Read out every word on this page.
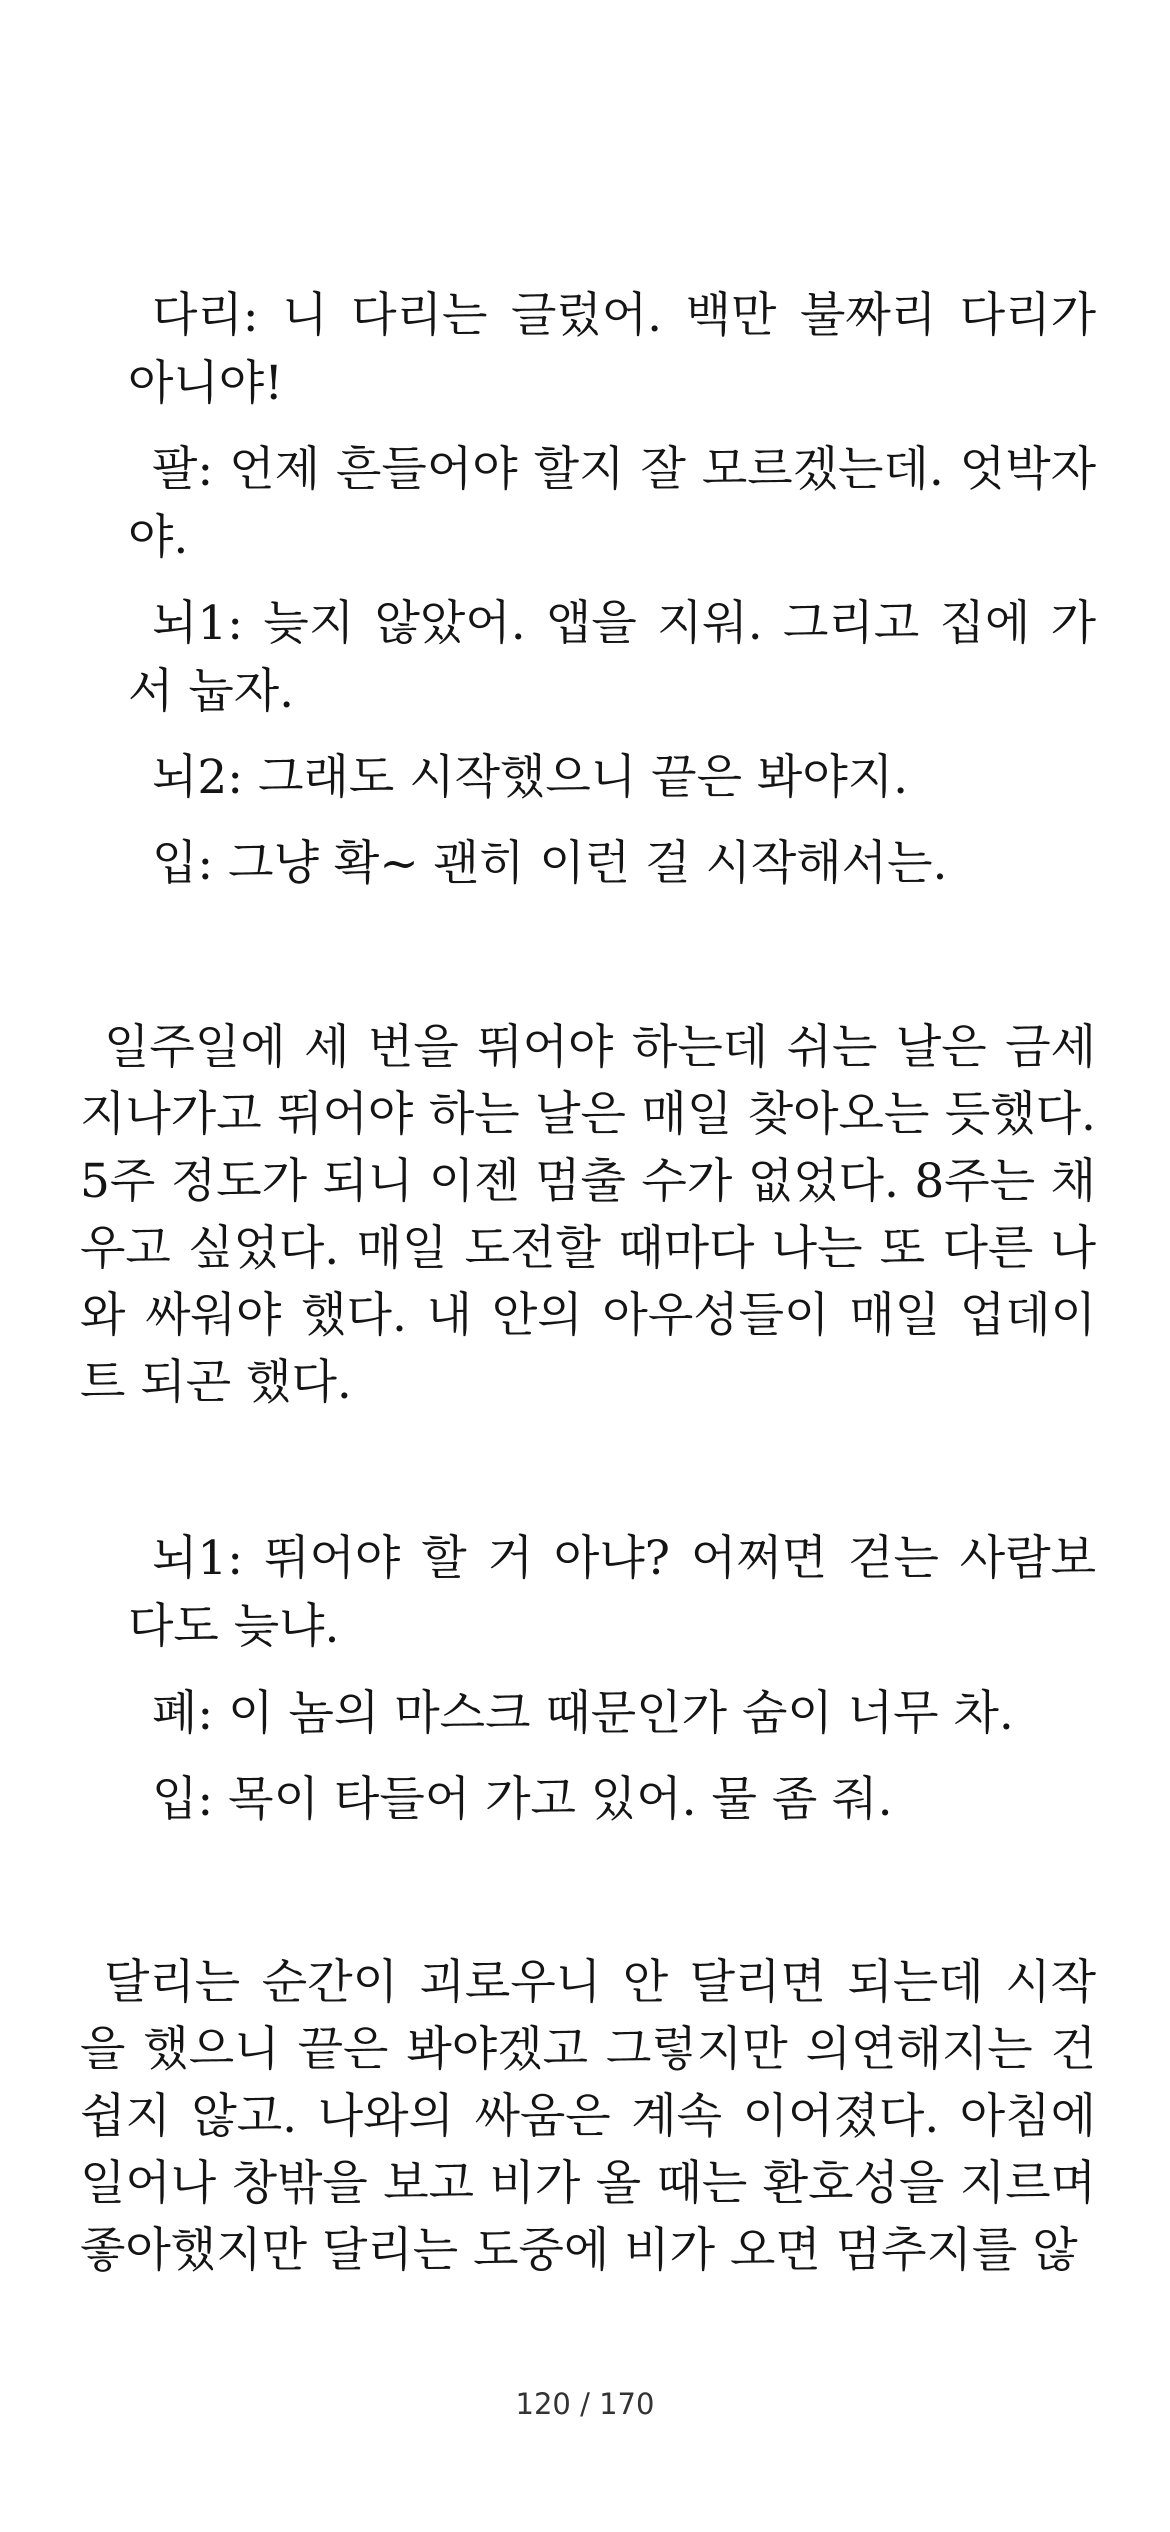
다리: 니 다리는 글렀어. 백만 불짜리 다리가 아니야!

팔: 언제 흔들어야 할지 잘 모르겠는데. 엇박자야.

뇌1: 늦지 않았어. 앱을 지워. 그리고 집에 가서 눕자.

뇌2: 그래도 시작했으니 끝은 봐야지.

입: 그냥 확~ 괜히 이런 걸 시작해서는.

일주일에 세 번을 뛰어야 하는데 쉬는 날은 금세 지나가고 뛰어야 하는 날은 매일 찾아오는 듯했다. 5주 정도가 되니 이젠 멈출 수가 없었다. 8주는 채우고 싶었다. 매일 도전할 때마다 나는 또 다른 나와 싸워야 했다. 내 안의 아우성들이 매일 업데이트 되곤 했다.

뇌1: 뛰어야 할 거 아냐? 어쩌면 걷는 사람보다도 늦냐.

폐: 이 놈의 마스크 때문인가 숨이 너무 차.

입: 목이 타들어 가고 있어. 물 좀 줘.

달리는 순간이 괴로우니 안 달리면 되는데 시작을 했으니 끝은 봐야겠고 그렇지만 의연해지는 건 쉽지 않고. 나와의 싸움은 계속 이어졌다. 아침에 일어나 창밖을 보고 비가 올 때는 환호성을 지르며 좋아했지만 달리는 도중에 비가 오면 멈추지를 않

120 / 170
